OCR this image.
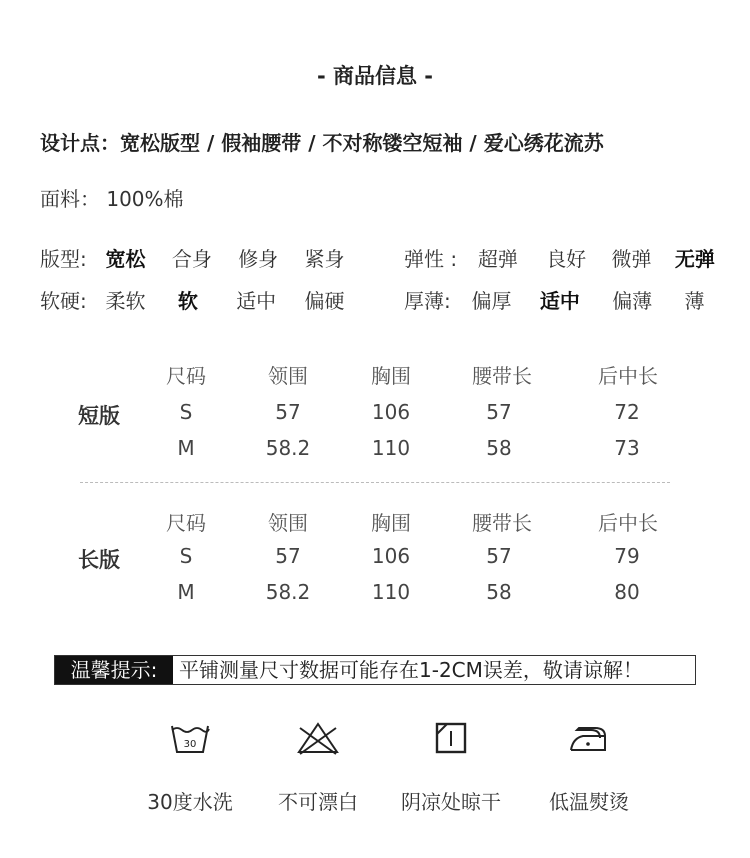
- 商品信息 -
设计点：宽松版型 / 假袖腰带 / 不对称镂空短袖 / 爱心绣花流苏
面料： 100%棉
版型: 宽松 合身 修身 紧身	弹性 : 超弹 良好 微弹 无弹
软硬: 柔软 软 适中 偏硬	厚薄: 偏厚 适中 偏薄 薄
短版
尺码	领围	胸围	腰带长	后中长
S	57	106	57	72
M	58.2	110	58	73
长版
尺码	领围	胸围	腰带长	后中长
S	57	106	57	79
M	58.2	110	58	80
温馨提示:	平铺测量尺寸数据可能存在1-2CM误差，敬请谅解！
30
30度水洗	不可漂白	阴凉处晾干	低温熨烫
